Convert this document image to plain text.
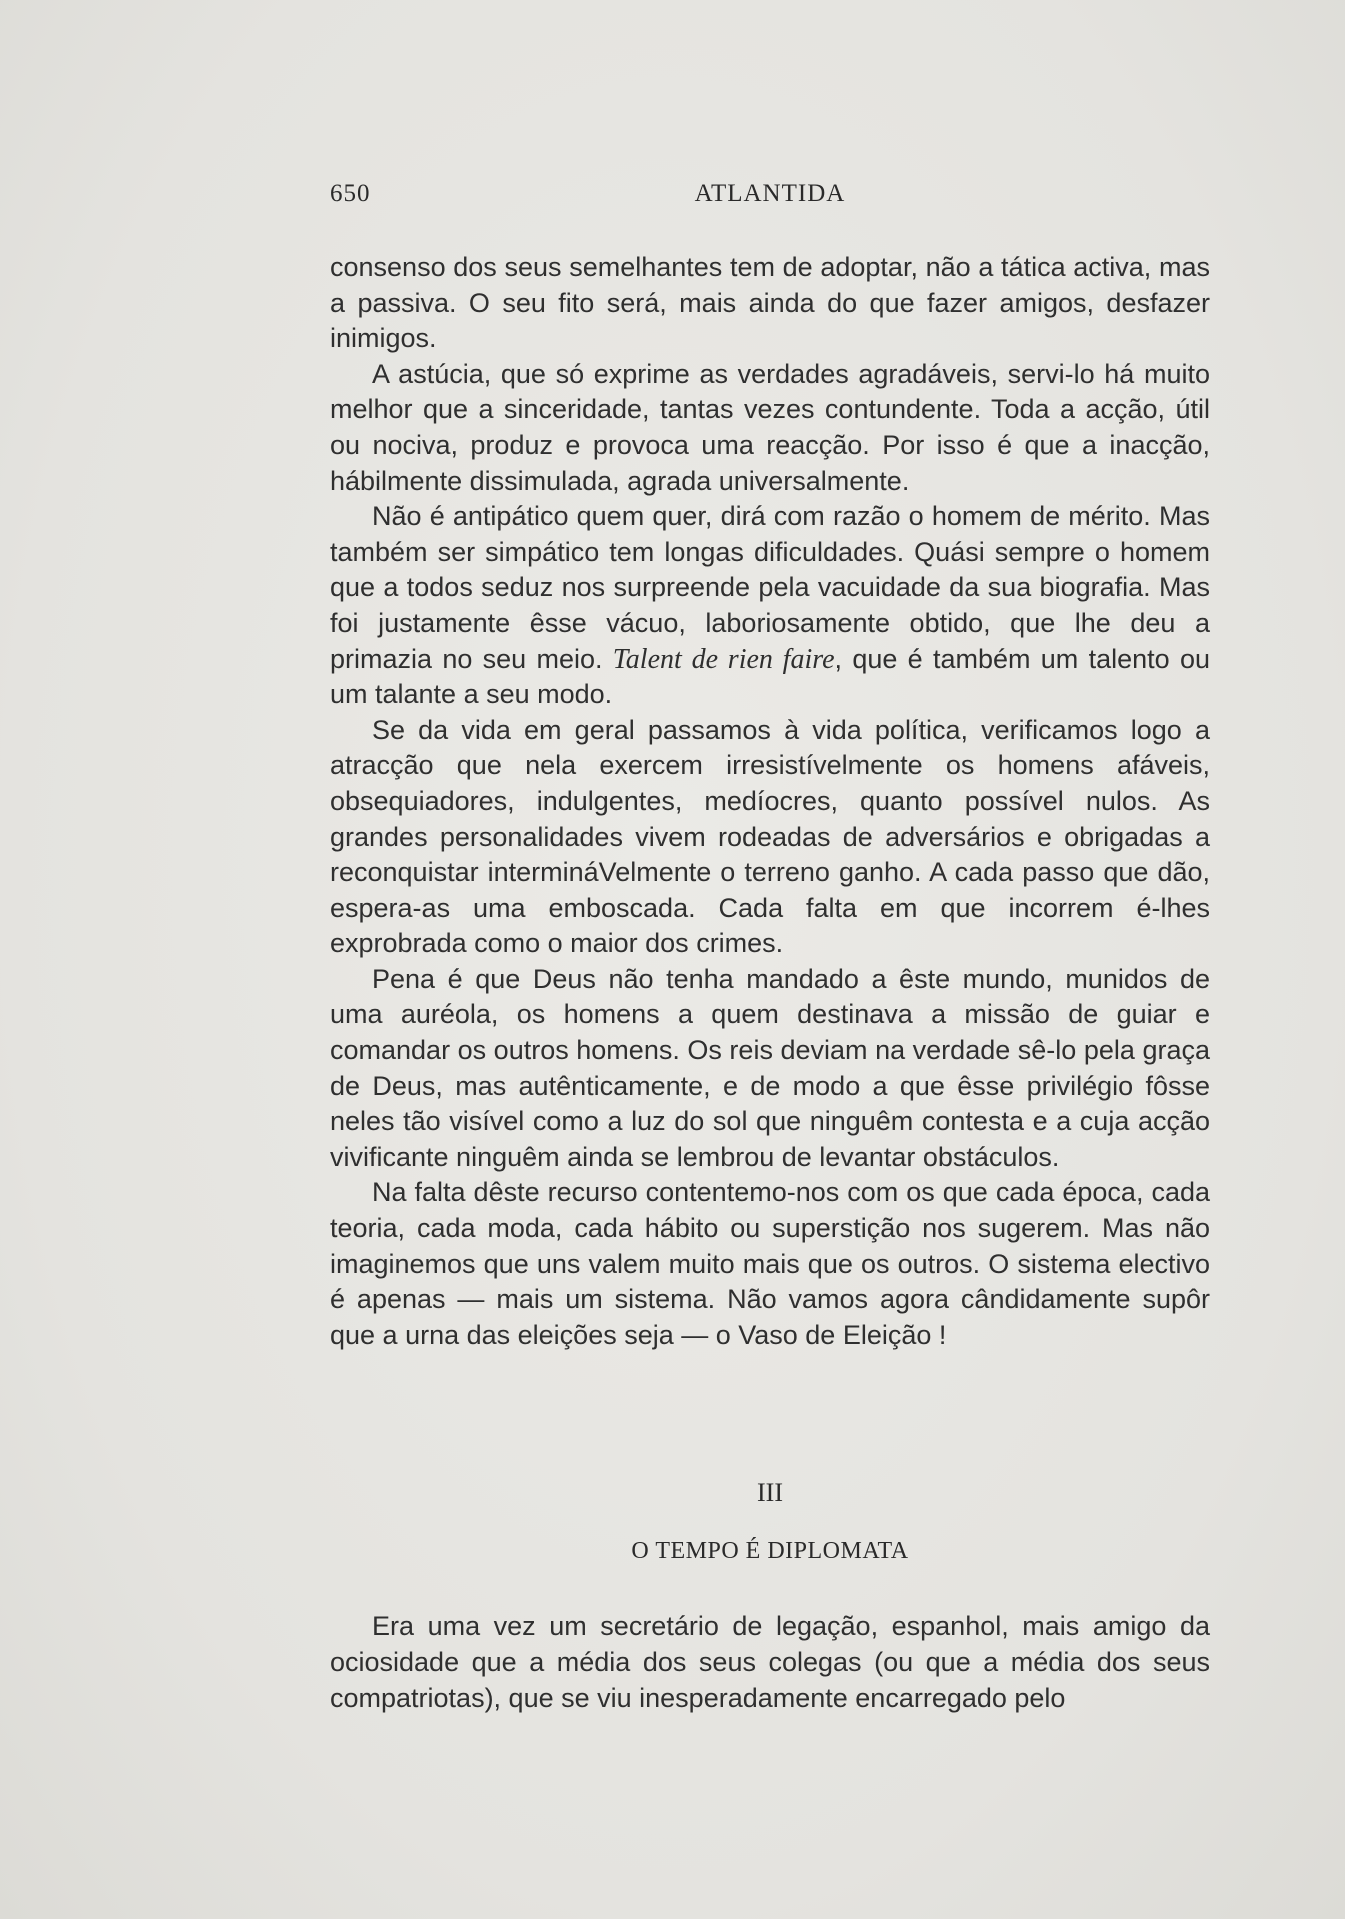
650	ATLANTIDA

consenso dos seus semelhantes tem de adoptar, não a tática activa, mas a passiva. O seu fito será, mais ainda do que fazer amigos, desfazer inimigos.

A astúcia, que só exprime as verdades agradáveis, servi-lo há muito melhor que a sinceridade, tantas vezes contundente. Toda a acção, útil ou nociva, produz e provoca uma reacção. Por isso é que a inacção, hábilmente dissimulada, agrada universalmente.

Não é antipático quem quer, dirá com razão o homem de mérito. Mas também ser simpático tem longas dificuldades. Quási sempre o homem que a todos seduz nos surpreende pela vacuidade da sua biografia. Mas foi justamente êsse vácuo, laboriosamente obtido, que lhe deu a primazia no seu meio. Talent de rien faire, que é também um talento ou um talante a seu modo.

Se da vida em geral passamos à vida política, verificamos logo a atracção que nela exercem irresistívelmente os homens afáveis, obsequiadores, indulgentes, medíocres, quanto possível nulos. As grandes personalidades vivem rodeadas de adversários e obrigadas a reconquistar intermináVelmente o terreno ganho. A cada passo que dão, espera-as uma emboscada. Cada falta em que incorrem é-lhes exprobrada como o maior dos crimes.

Pena é que Deus não tenha mandado a êste mundo, munidos de uma auréola, os homens a quem destinava a missão de guiar e comandar os outros homens. Os reis deviam na verdade sê-lo pela graça de Deus, mas autênticamente, e de modo a que êsse privilégio fôsse neles tão visível como a luz do sol que ninguêm contesta e a cuja acção vivificante ninguêm ainda se lembrou de levantar obstáculos.

Na falta dêste recurso contentemo-nos com os que cada época, cada teoria, cada moda, cada hábito ou superstição nos sugerem. Mas não imaginemos que uns valem muito mais que os outros. O sistema electivo é apenas — mais um sistema. Não vamos agora cândidamente supôr que a urna das eleições seja — o Vaso de Eleição !

III
O TEMPO É DIPLOMATA

Era uma vez um secretário de legação, espanhol, mais amigo da ociosidade que a média dos seus colegas (ou que a média dos seus compatriotas), que se viu inesperadamente encarregado pelo
